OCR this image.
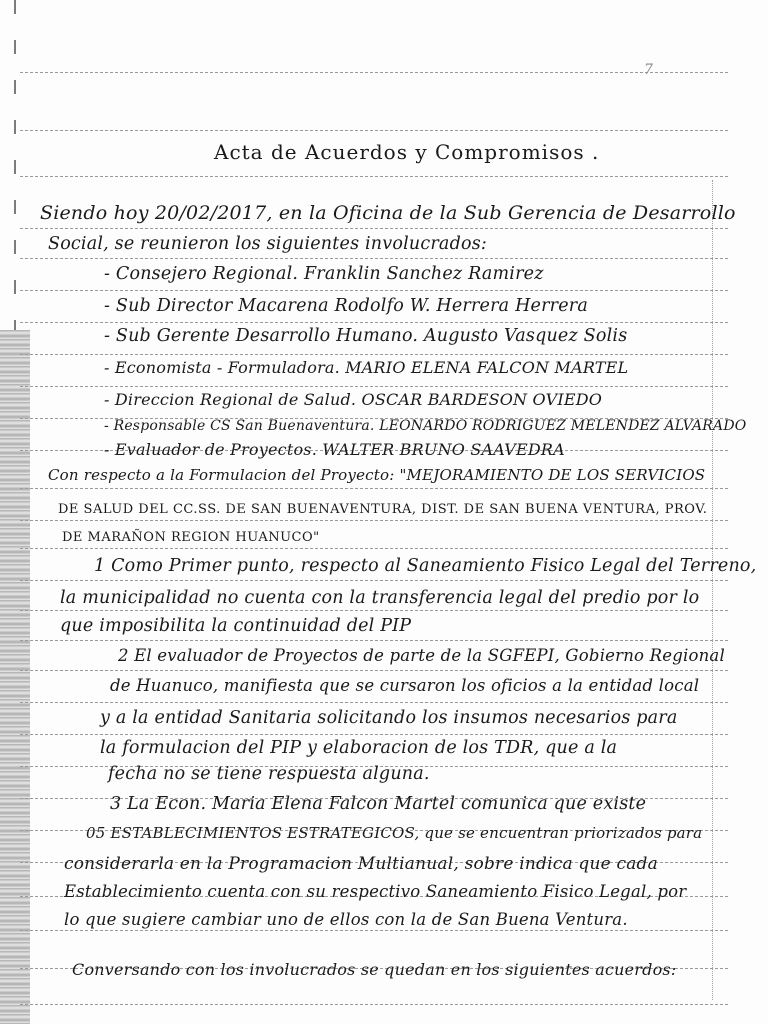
7
Acta de Acuerdos y Compromisos .
Siendo hoy 20/02/2017, en la Oficina de la Sub Gerencia de Desarrollo
Social, se reunieron los siguientes involucrados:
- Consejero Regional. Franklin Sanchez Ramirez
- Sub Director Macarena Rodolfo W. Herrera Herrera
- Sub Gerente Desarrollo Humano. Augusto Vasquez Solis
- Economista - Formuladora. MARIO ELENA FALCON MARTEL
- Direccion Regional de Salud. OSCAR BARDESON OVIEDO
- Responsable CS San Buenaventura. LEONARDO RODRIGUEZ MELENDEZ ALVARADO
- Evaluador de Proyectos. WALTER BRUNO SAAVEDRA
Con respecto a la Formulacion del Proyecto: "MEJORAMIENTO DE LOS SERVICIOS
DE SALUD DEL CC.SS. DE SAN BUENAVENTURA, DIST. DE SAN BUENA VENTURA, PROV.
DE MARAÑON REGION HUANUCO"
1 Como Primer punto, respecto al Saneamiento Fisico Legal del Terreno,
la municipalidad no cuenta con la transferencia legal del predio por lo
que imposibilita la continuidad del PIP
2 El evaluador de Proyectos de parte de la SGFEPI, Gobierno Regional
de Huanuco, manifiesta que se cursaron los oficios a la entidad local
y a la entidad Sanitaria solicitando los insumos necesarios para
la formulacion del PIP y elaboracion de los TDR, que a la
fecha no se tiene respuesta alguna.
3 La Econ. Maria Elena Falcon Martel comunica que existe
05 ESTABLECIMIENTOS ESTRATEGICOS, que se encuentran priorizados para
considerarla en la Programacion Multianual, sobre indica que cada
Establecimiento cuenta con su respectivo Saneamiento Fisico Legal, por
lo que sugiere cambiar uno de ellos con la de San Buena Ventura.
Conversando con los involucrados se quedan en los siguientes acuerdos:
